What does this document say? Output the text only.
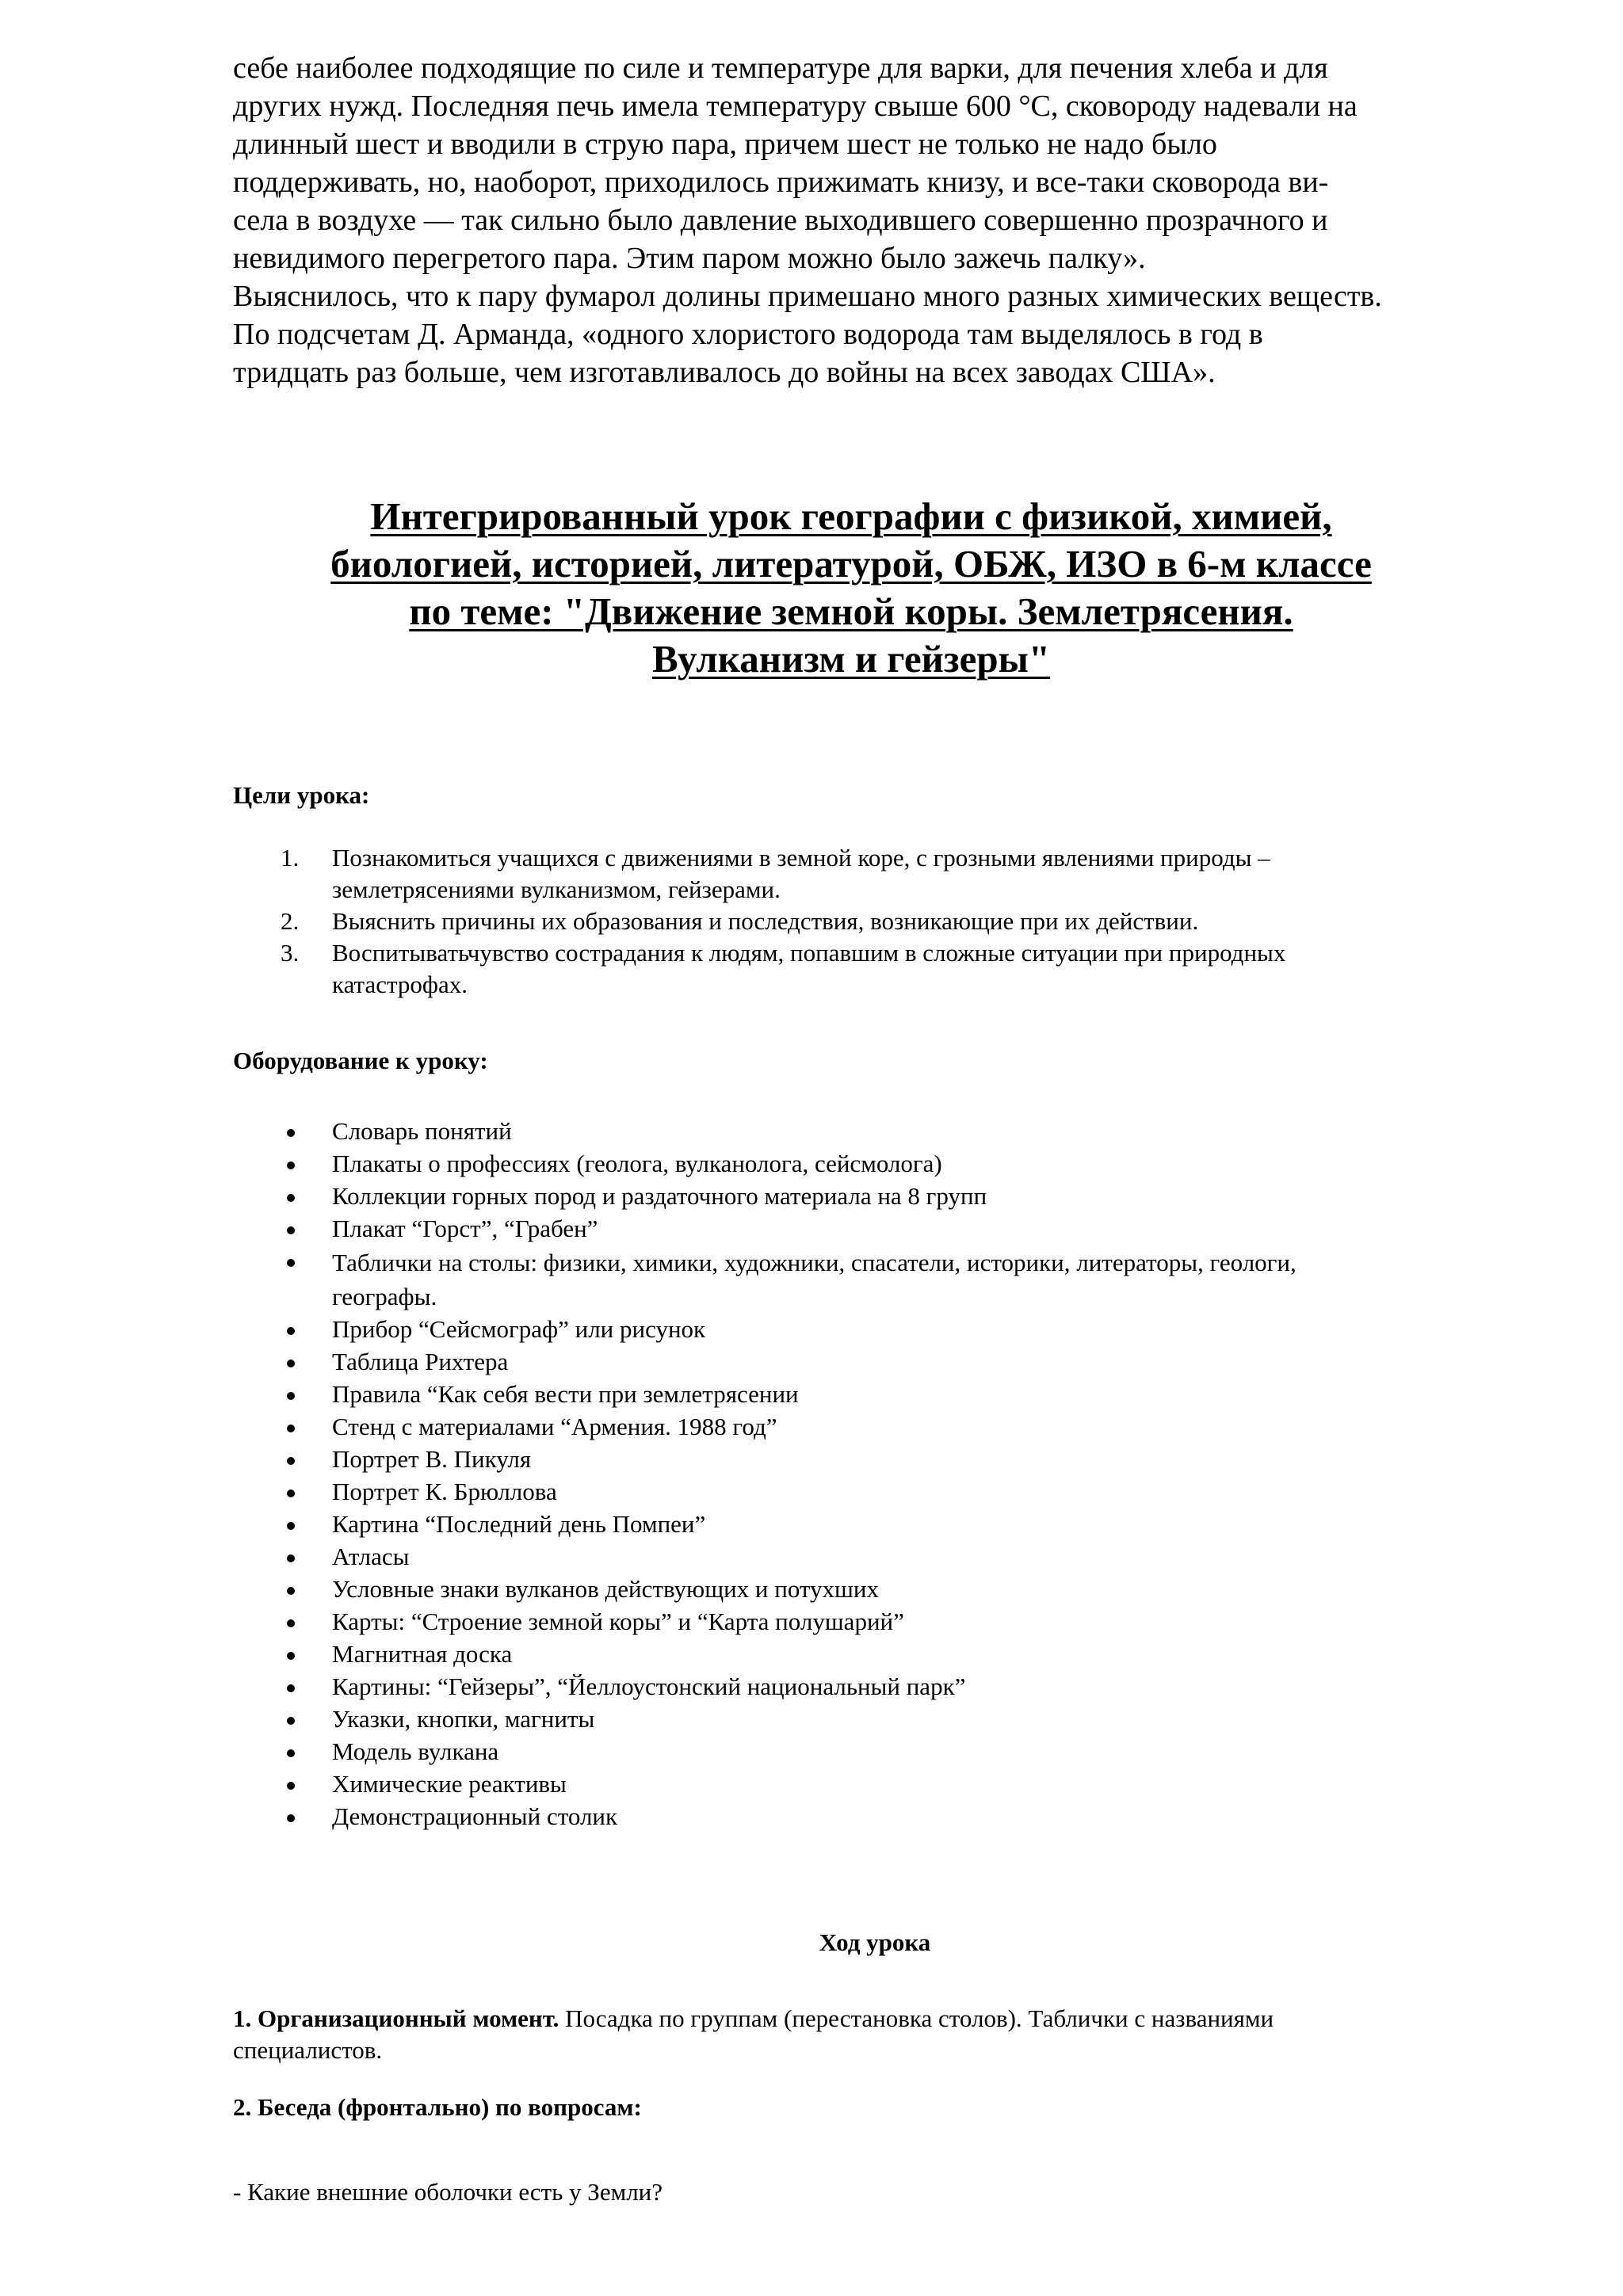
себе наиболее подходящие по силе и температуре для варки, для печения хлеба и для
других нужд. Последняя печь имела температуру свыше 600 °С, сковороду надевали на
длинный шест и вводили в струю пара, причем шест не только не надо было
поддерживать, но, наоборот, приходилось прижимать книзу, и все-таки сковорода ви-
села в воздухе — так сильно было давление выходившего совершенно прозрачного и
невидимого перегретого пара. Этим паром можно было зажечь палку».
Выяснилось, что к пару фумарол долины примешано много разных химических веществ.
По подсчетам Д. Арманда, «одного хлористого водорода там выделялось в год в
тридцать раз больше, чем изготавливалось до войны на всех заводах США».
Интегрированный урок географии с физикой, химией,
биологией, историей, литературой, ОБЖ, ИЗО в 6-м классе
по теме: "Движение земной коры. Землетрясения.
Вулканизм и гейзеры"
Цели урока:
1. Познакомиться учащихся с движениями в земной коре, с грозными явлениями природы –
землетрясениями вулканизмом, гейзерами.
2. Выяснить причины их образования и последствия, возникающие при их действии.
3. Воспитыватьчувство сострадания к людям, попавшим в сложные ситуации при природных
катастрофах.
Оборудование к уроку:
Словарь понятий
Плакаты о профессиях (геолога, вулканолога, сейсмолога)
Коллекции горных пород и раздаточного материала на 8 групп
Плакат “Горст”, “Грабен”
Таблички на столы: физики, химики, художники, спасатели, историки, литераторы, геологи,
географы.
Прибор “Сейсмограф” или рисунок
Таблица Рихтера
Правила “Как себя вести при землетрясении
Стенд с материалами “Армения. 1988 год”
Портрет В. Пикуля
Портрет К. Брюллова
Картина “Последний день Помпеи”
Атласы
Условные знаки вулканов действующих и потухших
Карты: “Строение земной коры” и “Карта полушарий”
Магнитная доска
Картины: “Гейзеры”, “Йеллоустонский национальный парк”
Указки, кнопки, магниты
Модель вулкана
Химические реактивы
Демонстрационный столик
Ход урока
1. Организационный момент. Посадка по группам (перестановка столов). Таблички с названиями
специалистов.
2. Беседа (фронтально) по вопросам:
- Какие внешние оболочки есть у Земли?
